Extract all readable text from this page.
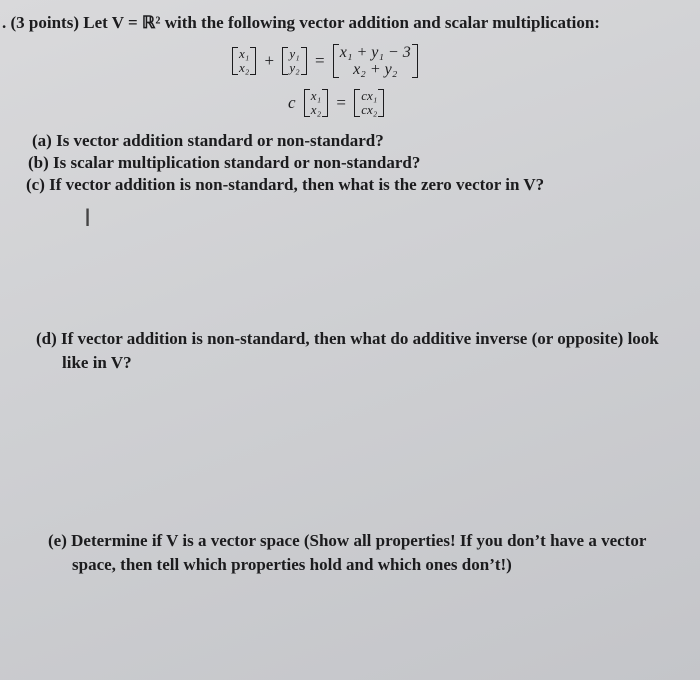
. (3 points) Let V = ℝ² with the following vector addition and scalar multiplication:
x₁
x₂ + y₁
y₂ = x₁ + y₁ − 3
x₂ + y₂
c x₁
x₂ = cx₁
cx₂
(a) Is vector addition standard or non-standard?
(b) Is scalar multiplication standard or non-standard?
(c) If vector addition is non-standard, then what is the zero vector in V?
I
(d) If vector addition is non-standard, then what do additive inverse (or opposite) look
like in V?
(e) Determine if V is a vector space (Show all properties! If you don’t have a vector
space, then tell which properties hold and which ones don’t!)
